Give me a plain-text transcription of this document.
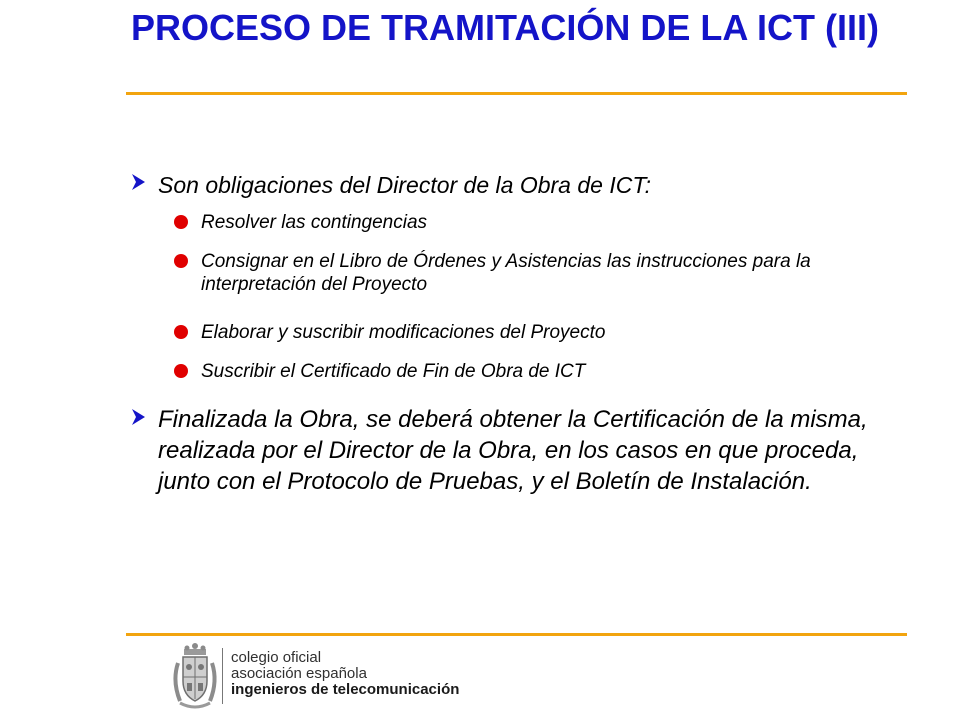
PROCESO DE TRAMITACIÓN DE LA ICT (III)
Son obligaciones del Director de la Obra de ICT:
Resolver las contingencias
Consignar en el Libro de Órdenes y Asistencias las instrucciones para la interpretación del Proyecto
Elaborar y suscribir modificaciones del Proyecto
Suscribir el Certificado de Fin de Obra de ICT
Finalizada la Obra, se deberá obtener la Certificación de la misma, realizada por el Director de la Obra, en los casos en que proceda, junto con el Protocolo de Pruebas, y el Boletín de Instalación.
colegio oficial
asociación española
ingenieros de telecomunicación
